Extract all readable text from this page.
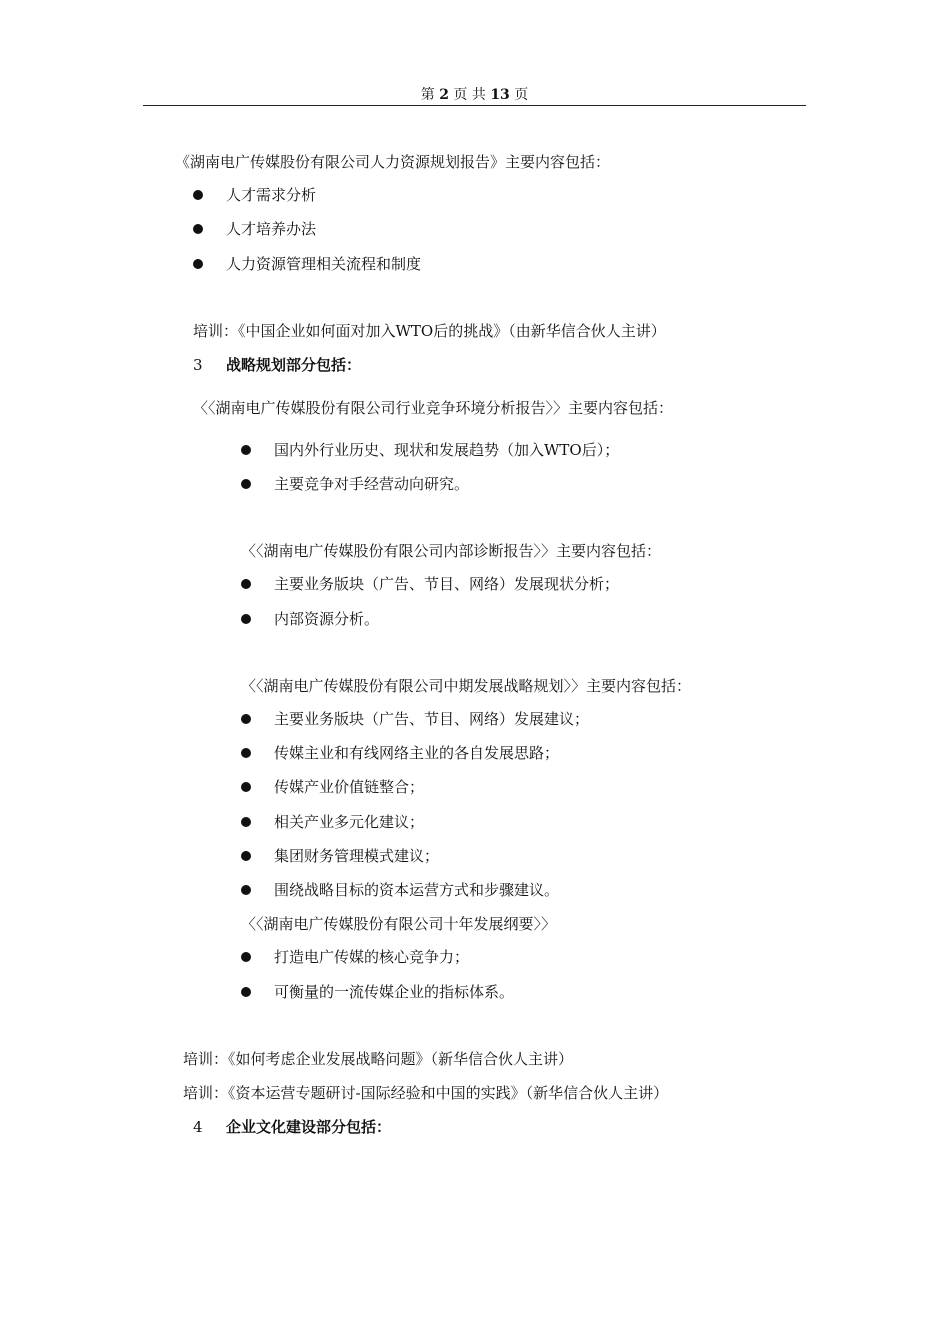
第 2 页 共 13 页
《湖南电广传媒股份有限公司人力资源规划报告》主要内容包括：
人才需求分析
人才培养办法
人力资源管理相关流程和制度
培训：《中国企业如何面对加入WTO后的挑战》（由新华信合伙人主讲）
3 战略规划部分包括：
〈〈湖南电广传媒股份有限公司行业竞争环境分析报告〉〉主要内容包括：
国内外行业历史、现状和发展趋势（加入WTO后）；
主要竞争对手经营动向研究。
〈〈湖南电广传媒股份有限公司内部诊断报告〉〉主要内容包括：
主要业务版块（广告、节目、网络）发展现状分析；
内部资源分析。
〈〈湖南电广传媒股份有限公司中期发展战略规划〉〉主要内容包括：
主要业务版块（广告、节目、网络）发展建议；
传媒主业和有线网络主业的各自发展思路；
传媒产业价值链整合；
相关产业多元化建议；
集团财务管理模式建议；
围绕战略目标的资本运营方式和步骤建议。
〈〈湖南电广传媒股份有限公司十年发展纲要〉〉
打造电广传媒的核心竞争力；
可衡量的一流传媒企业的指标体系。
培训：《如何考虑企业发展战略问题》（新华信合伙人主讲）
培训：《资本运营专题研讨-国际经验和中国的实践》（新华信合伙人主讲）
4 企业文化建设部分包括：
